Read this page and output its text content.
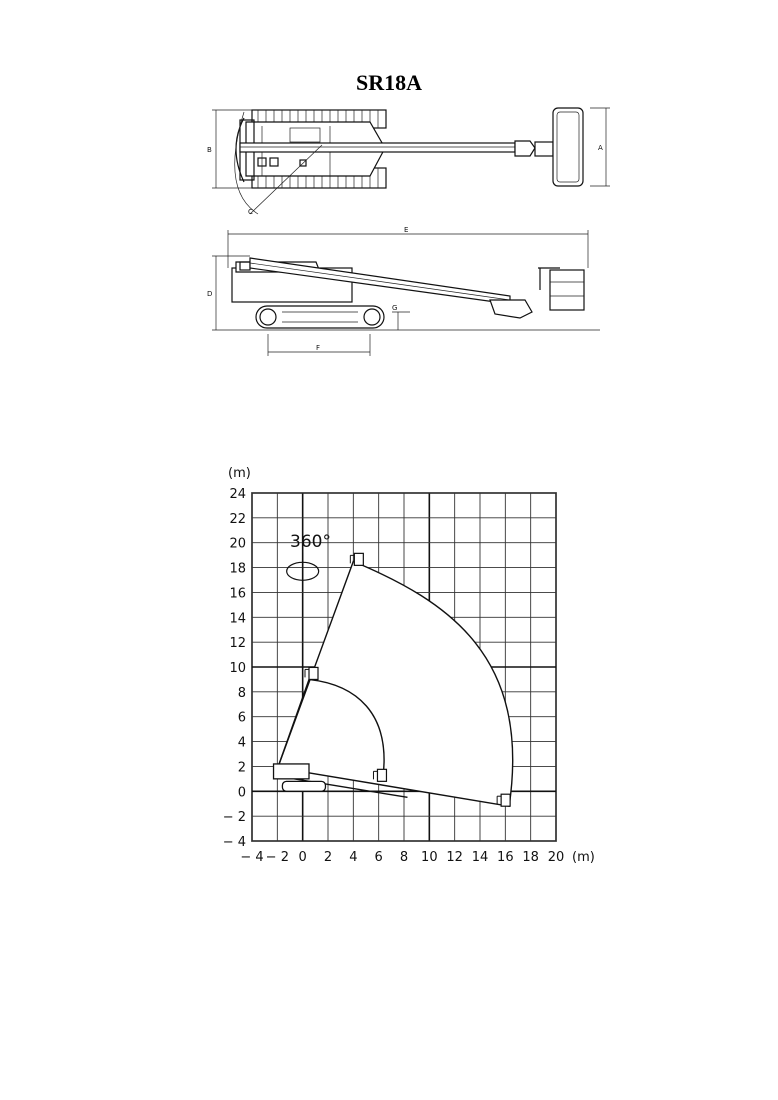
SR18A
C
A
B
E
D
G
F
− 4 − 2 0 2 4 6 8 10 12 14 16 18 20
24
22
20
18
16
14
12
10
8
6
4
2
0
− 2
− 4
(m)
(m)
360°
